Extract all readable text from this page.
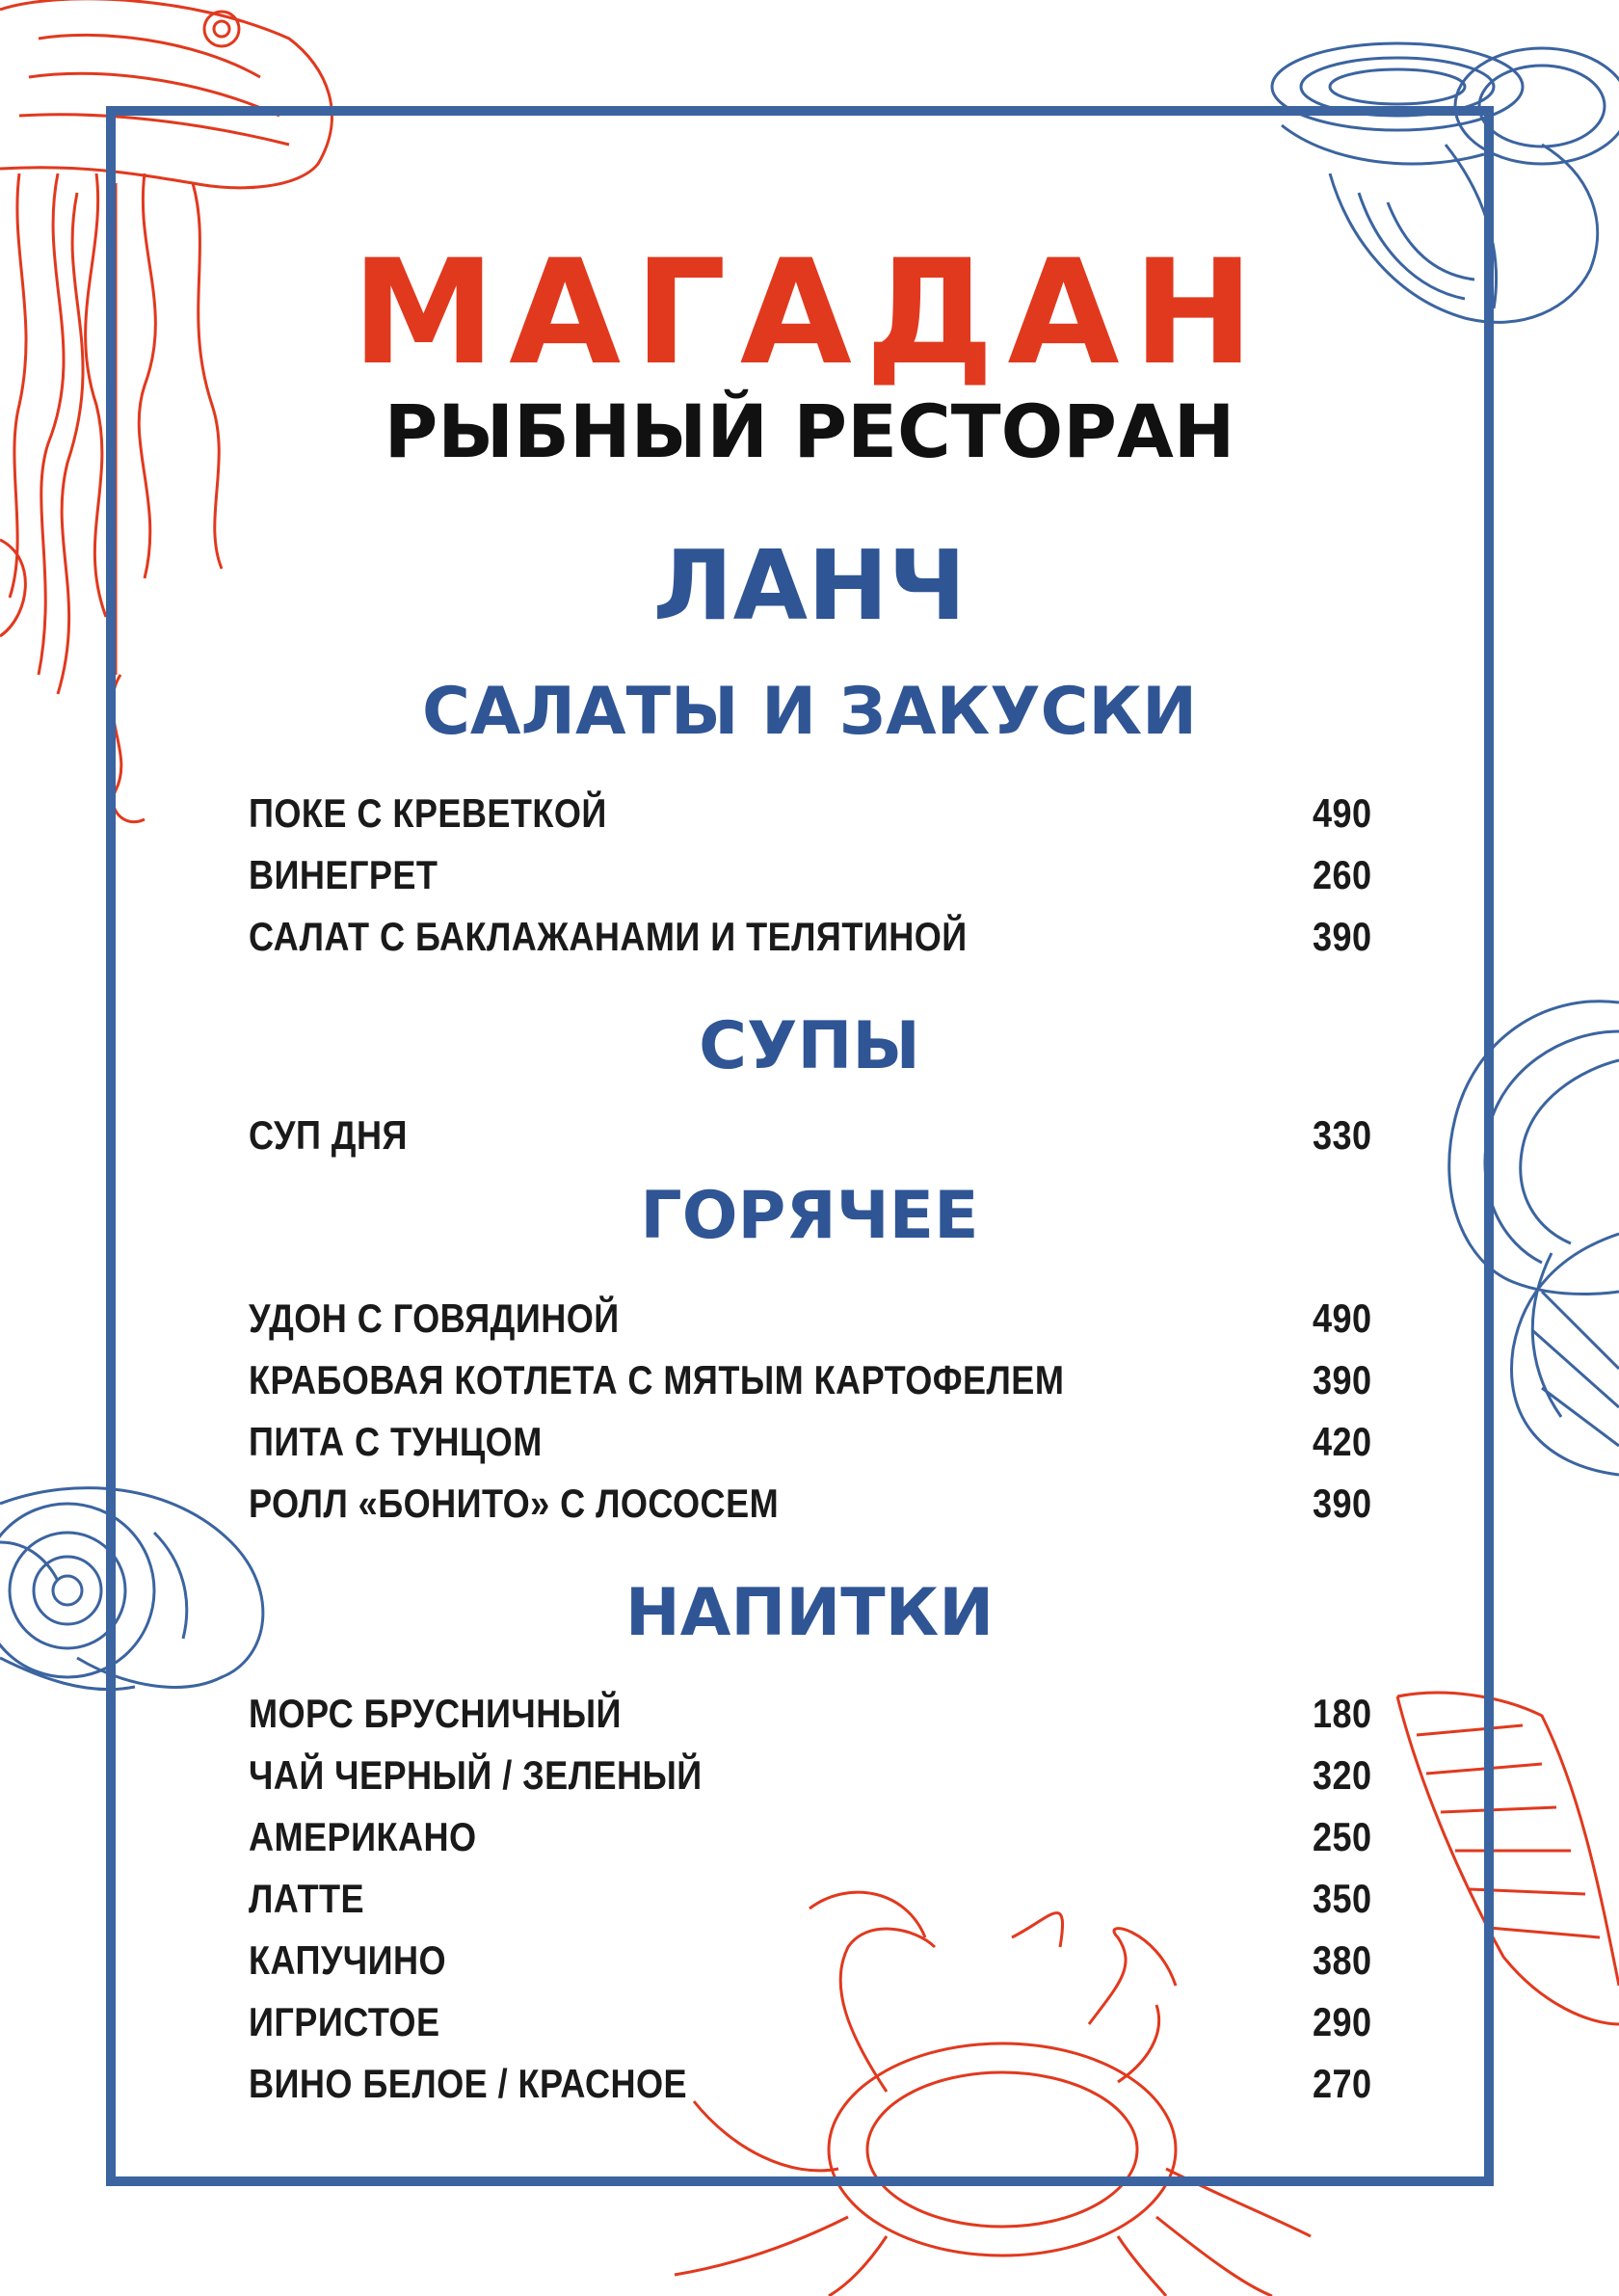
МАГАДАН
РЫБНЫЙ РЕСТОРАН
ЛАНЧ
САЛАТЫ И ЗАКУСКИ
ПОКЕ С КРЕВЕТКОЙ	490
ВИНЕГРЕТ	260
САЛАТ С БАКЛАЖАНАМИ И ТЕЛЯТИНОЙ	390
СУПЫ
СУП ДНЯ	330
ГОРЯЧЕЕ
УДОН С ГОВЯДИНОЙ	490
КРАБОВАЯ КОТЛЕТА С МЯТЫМ КАРТОФЕЛЕМ	390
ПИТА С ТУНЦОМ	420
РОЛЛ «БОНИТО» С ЛОСОСЕМ	390
НАПИТКИ
МОРС БРУСНИЧНЫЙ	180
ЧАЙ ЧЕРНЫЙ / ЗЕЛЕНЫЙ	320
АМЕРИКАНО	250
ЛАТТЕ	350
КАПУЧИНО	380
ИГРИСТОЕ	290
ВИНО БЕЛОЕ / КРАСНОЕ	270
